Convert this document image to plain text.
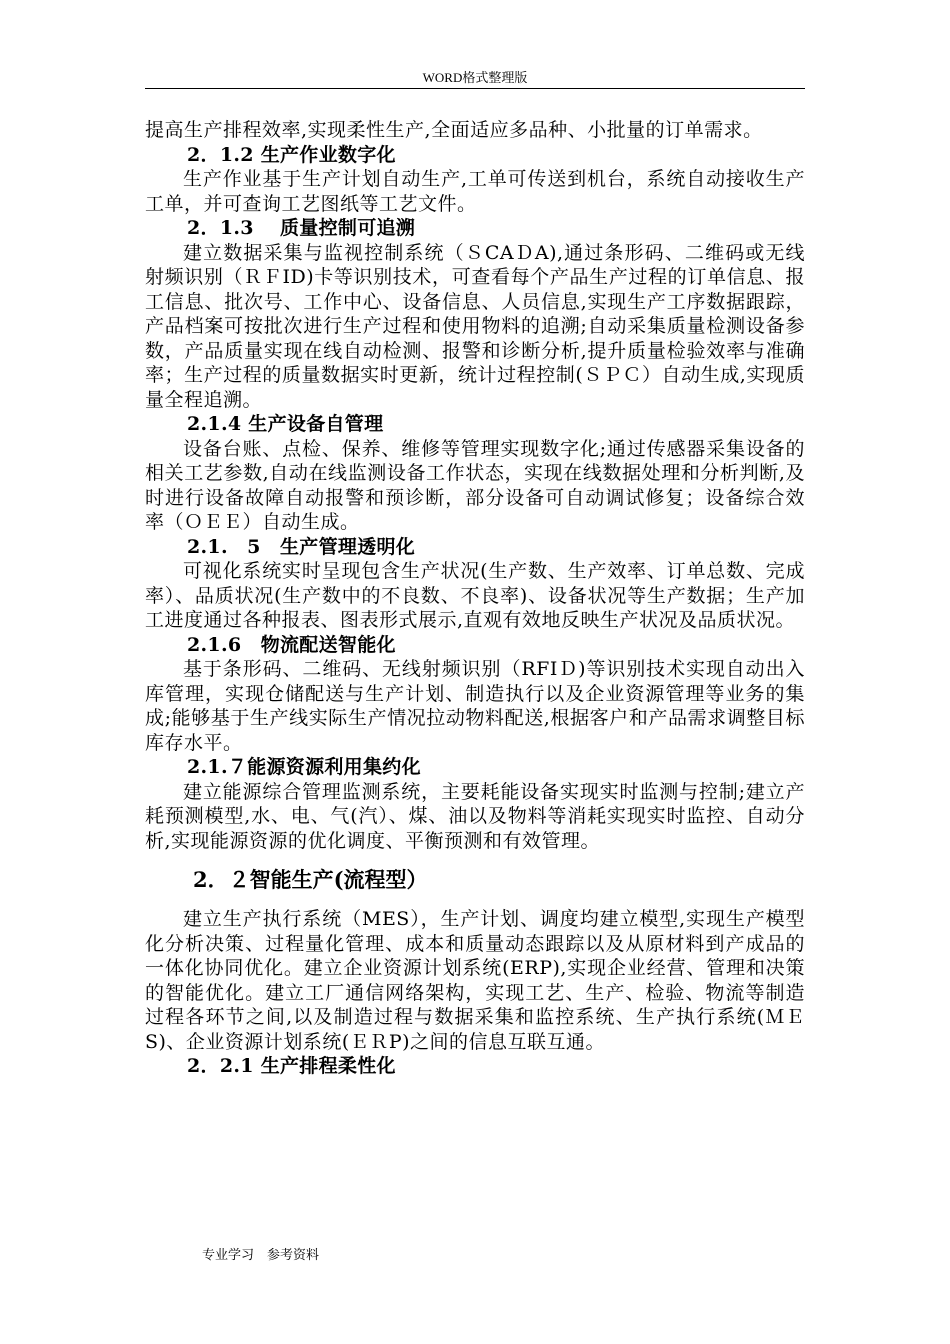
WORD格式整理版

提高生产排程效率,实现柔性生产,全面适应多品种、小批量的订单需求。

2．1.2 生产作业数字化

生产作业基于生产计划自动生产,工单可传送到机台，系统自动接收生产工单，并可查询工艺图纸等工艺文件。

2．1.3　 质量控制可追溯

建立数据采集与监视控制系统（ＳCAＤA),通过条形码、二维码或无线射频识别（ＲＦID)卡等识别技术，可查看每个产品生产过程的订单信息、报工信息、批次号、工作中心、设备信息、人员信息,实现生产工序数据跟踪，产品档案可按批次进行生产过程和使用物料的追溯;自动采集质量检测设备参数，产品质量实现在线自动检测、报警和诊断分析,提升质量检验效率与准确率；生产过程的质量数据实时更新，统计过程控制(ＳＰＣ）自动生成,实现质量全程追溯。

2.1.4 生产设备自管理

设备台账、点检、保养、维修等管理实现数字化;通过传感器采集设备的相关工艺参数,自动在线监测设备工作状态，实现在线数据处理和分析判断,及时进行设备故障自动报警和预诊断，部分设备可自动调试修复；设备综合效率（ＯＥＥ）自动生成。

2.1.　5　生产管理透明化

可视化系统实时呈现包含生产状况(生产数、生产效率、订单总数、完成率）、品质状况(生产数中的不良数、不良率)、设备状况等生产数据；生产加工进度通过各种报表、图表形式展示,直观有效地反映生产状况及品质状况。

2.1.6　物流配送智能化

基于条形码、二维码、无线射频识别（RFIＤ)等识别技术实现自动出入库管理，实现仓储配送与生产计划、制造执行以及企业资源管理等业务的集成;能够基于生产线实际生产情况拉动物料配送,根据客户和产品需求调整目标库存水平。

2.1.７能源资源利用集约化

建立能源综合管理监测系统，主要耗能设备实现实时监测与控制;建立产耗预测模型,水、电、气(汽）、煤、油以及物料等消耗实现实时监控、自动分析,实现能源资源的优化调度、平衡预测和有效管理。

2．２智能生产(流程型）

建立生产执行系统（MES），生产计划、调度均建立模型,实现生产模型化分析决策、过程量化管理、成本和质量动态跟踪以及从原材料到产成品的一体化协同优化。建立企业资源计划系统(ERP),实现企业经营、管理和决策的智能优化。建立工厂通信网络架构，实现工艺、生产、检验、物流等制造过程各环节之间,以及制造过程与数据采集和监控系统、生产执行系统(ＭＥS)、企业资源计划系统(ＥＲP)之间的信息互联互通。

2．2.1 生产排程柔性化
专业学习　参考资料
